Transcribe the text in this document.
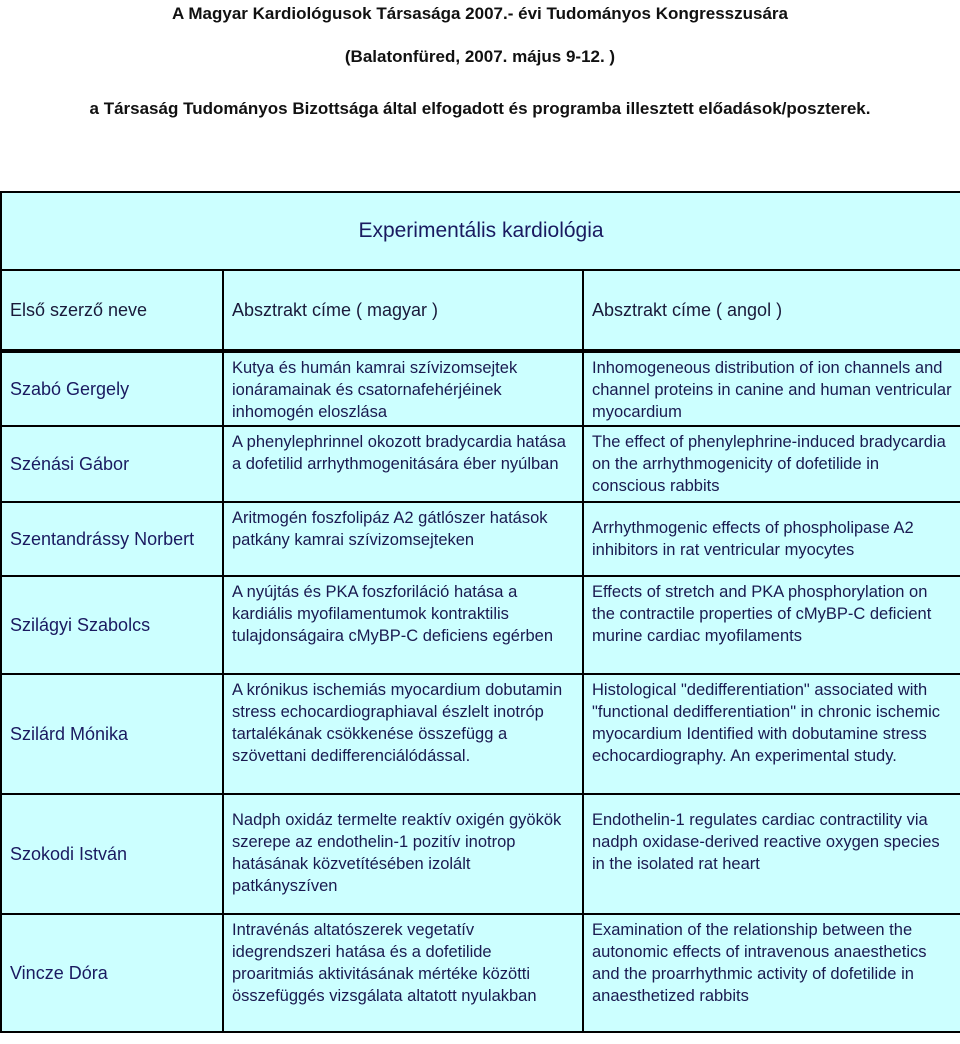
A Magyar Kardiológusok Társasága 2007.- évi Tudományos Kongresszusára
(Balatonfüred, 2007. május 9-12. )
a Társaság Tudományos Bizottsága által elfogadott és programba illesztett előadások/poszterek.
Experimentális kardiológia		
Első szerző neve	Absztrakt címe ( magyar )	Absztrakt címe ( angol )

Szabó Gergely	Kutya és humán kamrai szívizomsejtek ionáramainak és csatornafehérjéinek inhomogén eloszlása	Inhomogeneous distribution of ion channels and channel proteins in canine and human ventricular myocardium
Szénási Gábor	A phenylephrinnel okozott bradycardia hatása a dofetilid arrhythmogenitására éber nyúlban	The effect of phenylephrine-induced bradycardia on the arrhythmogenicity of dofetilide in conscious rabbits
Szentandrássy Norbert	Aritmogén foszfolipáz A2 gátlószer hatások patkány kamrai szívizomsejteken	Arrhythmogenic effects of phospholipase A2 inhibitors in rat ventricular myocytes
Szilágyi Szabolcs	A nyújtás és PKA foszforiláció hatása a kardiális myofilamentumok kontraktilis tulajdonságaira cMyBP-C deficiens egérben	Effects of stretch and PKA phosphorylation on the contractile properties of cMyBP-C deficient murine cardiac myofilaments
Szilárd Mónika	A krónikus ischemiás myocardium dobutamin stress echocardiographiaval észlelt inotróp tartalékának csökkenése összefügg a szövettani dedifferenciálódással.	Histological "dedifferentiation" associated with "functional dedifferentiation" in chronic ischemic myocardium Identified with dobutamine stress echocardiography. An experimental study.
Szokodi István	Nadph oxidáz termelte reaktív oxigén gyökök szerepe az endothelin-1 pozitív inotrop hatásának közvetítésében izolált patkányszíven	Endothelin-1 regulates cardiac contractility via nadph oxidase-derived reactive oxygen species in the isolated rat heart
Vincze Dóra	Intravénás altatószerek vegetatív idegrendszeri hatása és a dofetilide proaritmiás aktivitásának mértéke közötti összefüggés vizsgálata altatott nyulakban	Examination of the relationship between the autonomic effects of intravenous anaesthetics and the proarrhythmic activity of dofetilide in anaesthetized rabbits
